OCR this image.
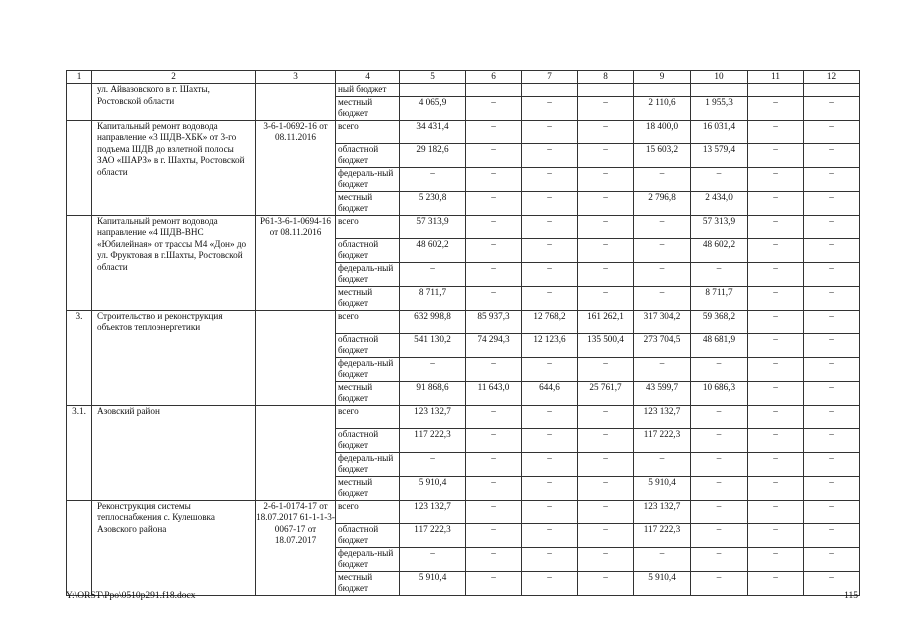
1	2	3	4	5	6	7	8	9	10	11	12
	ул. Айвазовского в г. Шахты, Ростовской области		ный бюджет								
			местный бюджет	4 065,9	–	–	–	2 110,6	1 955,3	–	–
	Капитальный ремонт водовода направление «3 ШДВ-ХБК» от 3-го подъема ШДВ до взлетной полосы ЗАО «ШАРЗ» в г. Шахты, Ростовской области	3-6-1-0692-16 от 08.11.2016	всего	34 431,4	–	–	–	18 400,0	16 031,4	–	–
			областной бюджет	29 182,6	–	–	–	15 603,2	13 579,4	–	–
			федераль-ный бюджет	–	–	–	–	–	–	–	–
			местный бюджет	5 230,8	–	–	–	2 796,8	2 434,0	–	–
	Капитальный ремонт водовода направление «4 ШДВ-ВНС «Юбилейная» от трассы М4 «Дон» до ул. Фруктовая в г.Шахты, Ростовской области	Р61-3-6-1-0694-16 от 08.11.2016	всего	57 313,9	–	–	–	–	57 313,9	–	–
			областной бюджет	48 602,2	–	–	–	–	48 602,2	–	–
			федераль-ный бюджет	–	–	–	–	–	–	–	–
			местный бюджет	8 711,7	–	–	–	–	8 711,7	–	–
3.	Строительство и реконструкция объектов теплоэнергетики		всего	632 998,8	85 937,3	12 768,2	161 262,1	317 304,2	59 368,2	–	–
			областной бюджет	541 130,2	74 294,3	12 123,6	135 500,4	273 704,5	48 681,9	–	–
			федераль-ный бюджет	–	–	–	–	–	–	–	–
			местный бюджет	91 868,6	11 643,0	644,6	25 761,7	43 599,7	10 686,3	–	–
3.1.	Азовский район		всего	123 132,7	–	–	–	123 132,7	–	–	–
			областной бюджет	117 222,3	–	–	–	117 222,3	–	–	–
			федераль-ный бюджет	–	–	–	–	–	–	–	–
			местный бюджет	5 910,4	–	–	–	5 910,4	–	–	–
	Реконструкция системы теплоснабжения с. Кулешовка Азовского района	2-6-1-0174-17 от 18.07.2017 61-1-1-3-0067-17 от 18.07.2017	всего	123 132,7	–	–	–	123 132,7	–	–	–
			областной бюджет	117 222,3	–	–	–	117 222,3	–	–	–
			федераль-ный бюджет	–	–	–	–	–	–	–	–
			местный бюджет	5 910,4	–	–	–	5 910,4	–	–	–
Y:\ORST\Ppo\0510p291.f18.docx	115
